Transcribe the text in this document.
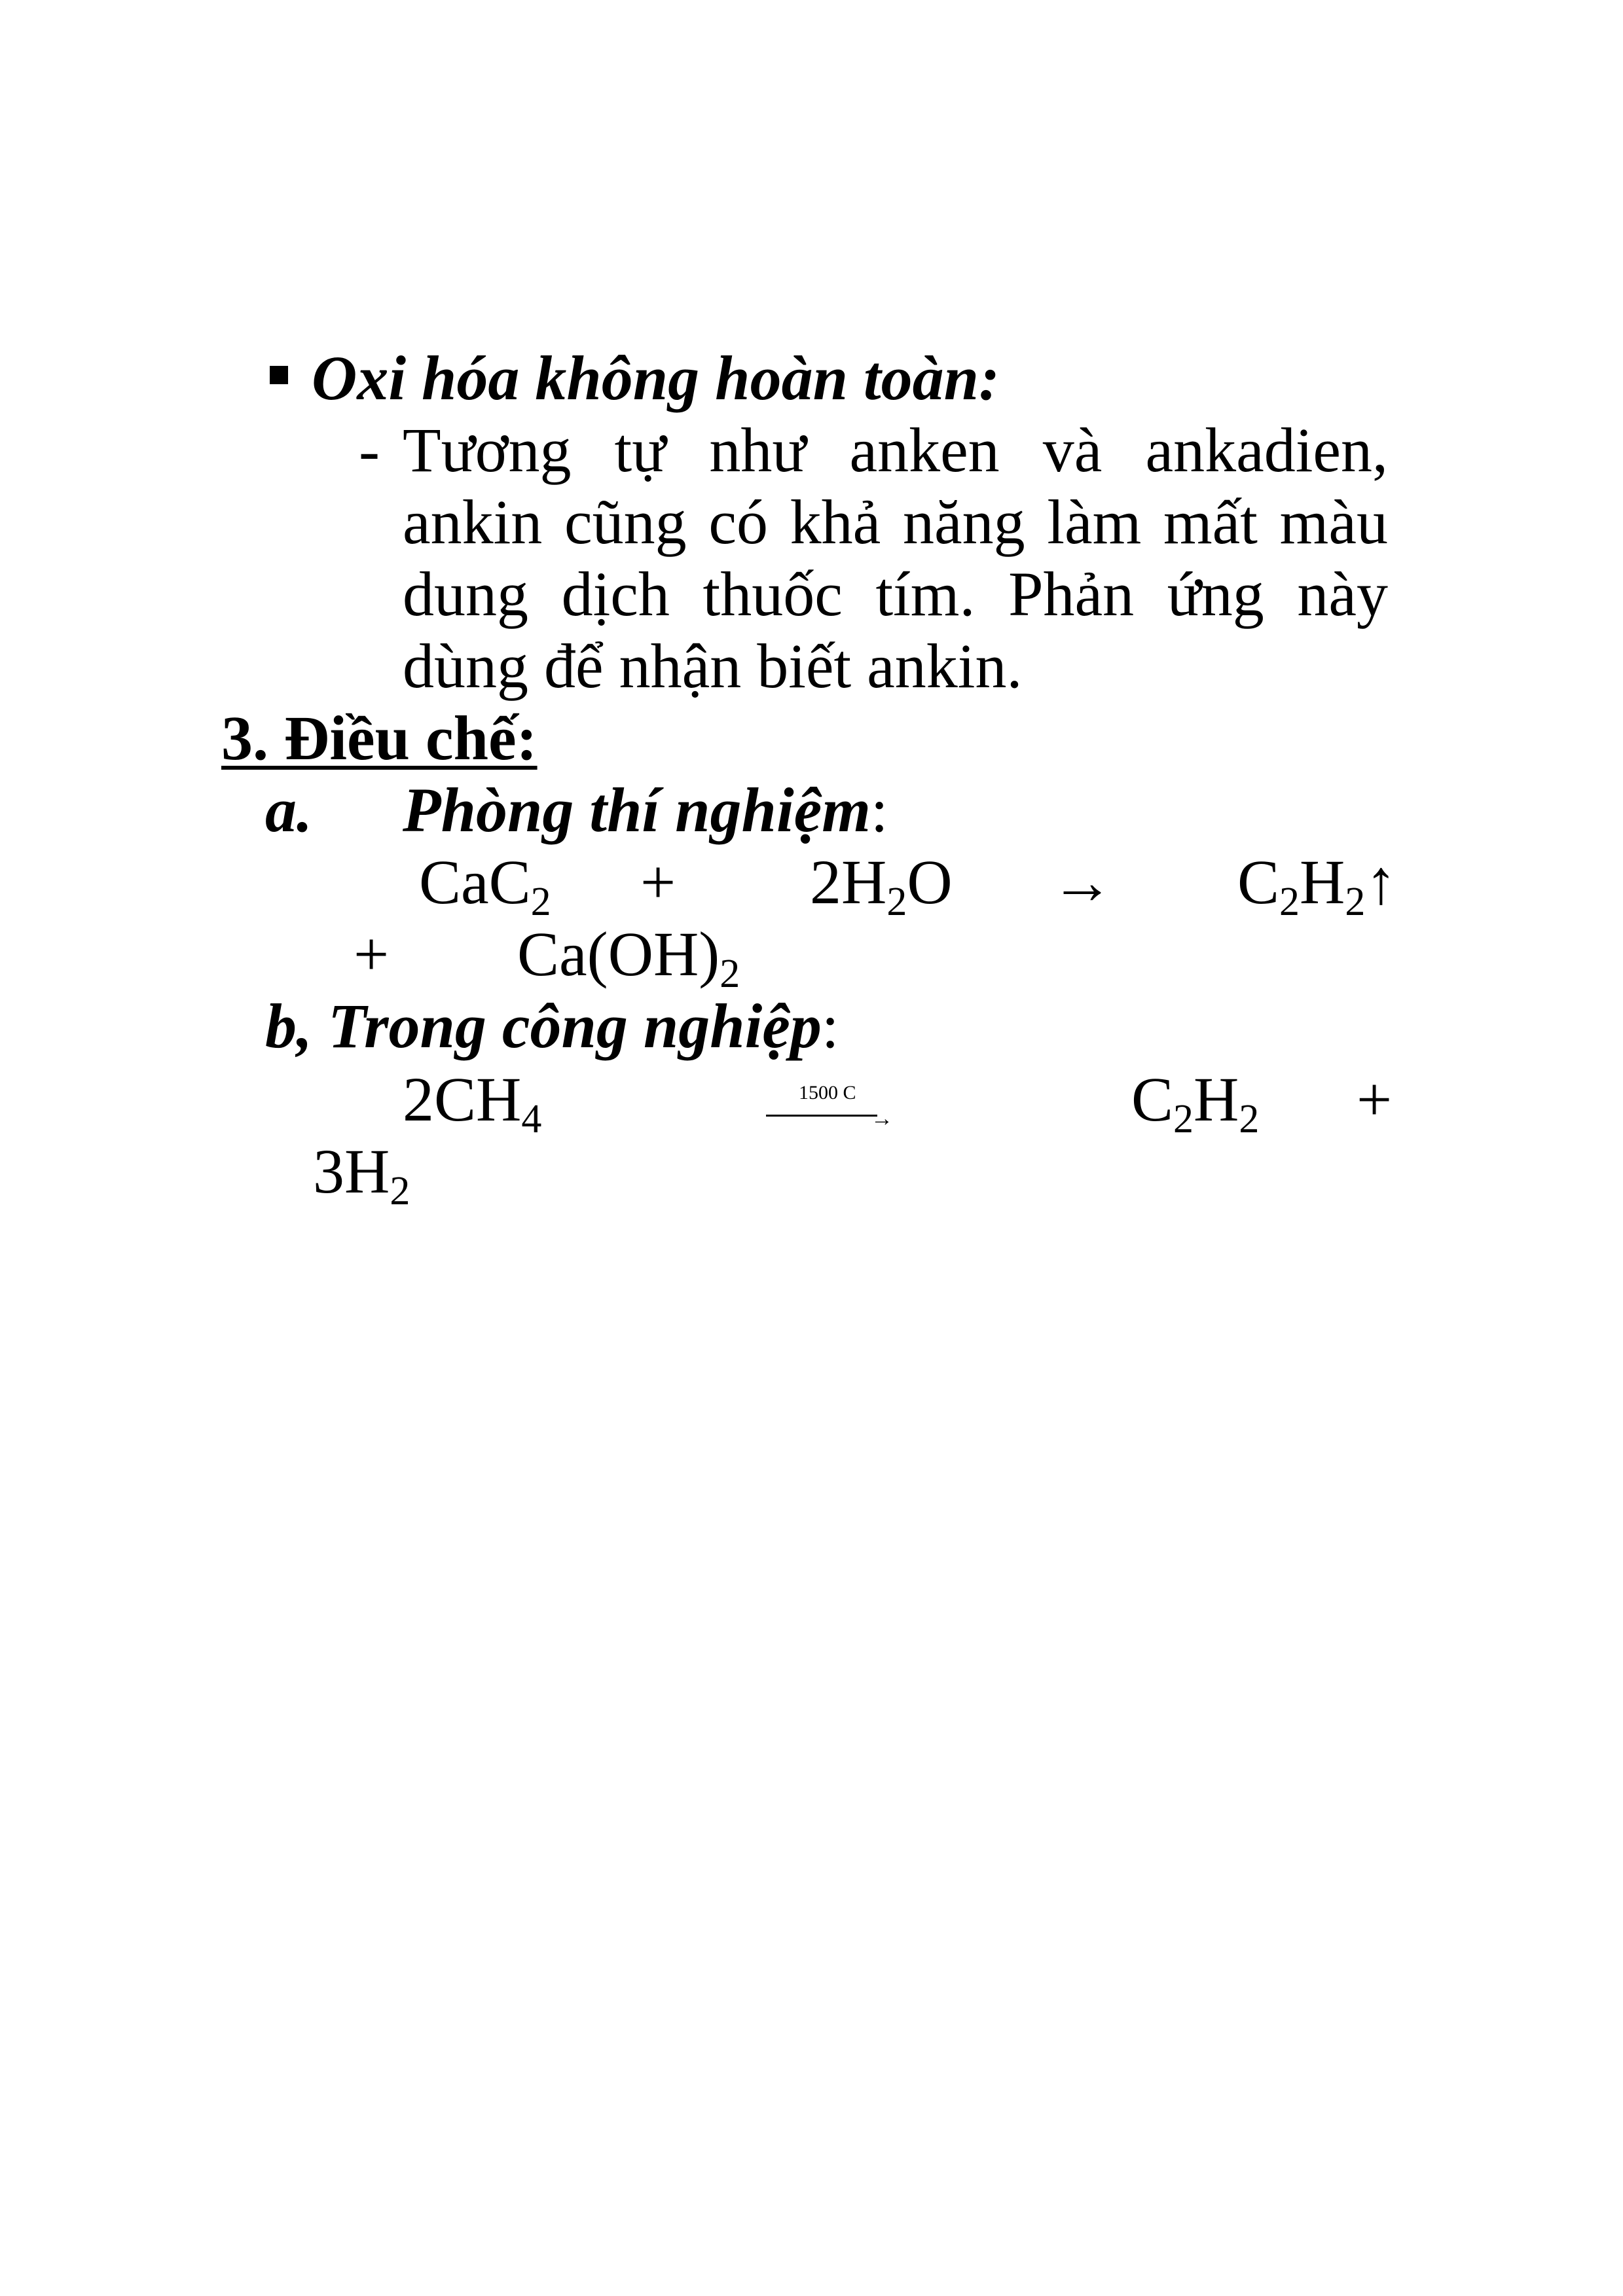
Oxi hóa không hoàn toàn:
- Tương tự như anken và ankadien,
ankin cũng có khả năng làm mất màu
dung dịch thuốc tím. Phản ứng này
dùng để nhận biết ankin.
3. Điều chế:
a. Phòng thí nghiệm:
CaC2 + 2H2O → C2H2↑
+ Ca(OH)2
b, Trong công nghiệp:
2CH4
1500 C
→	C2H2 +
3H2
